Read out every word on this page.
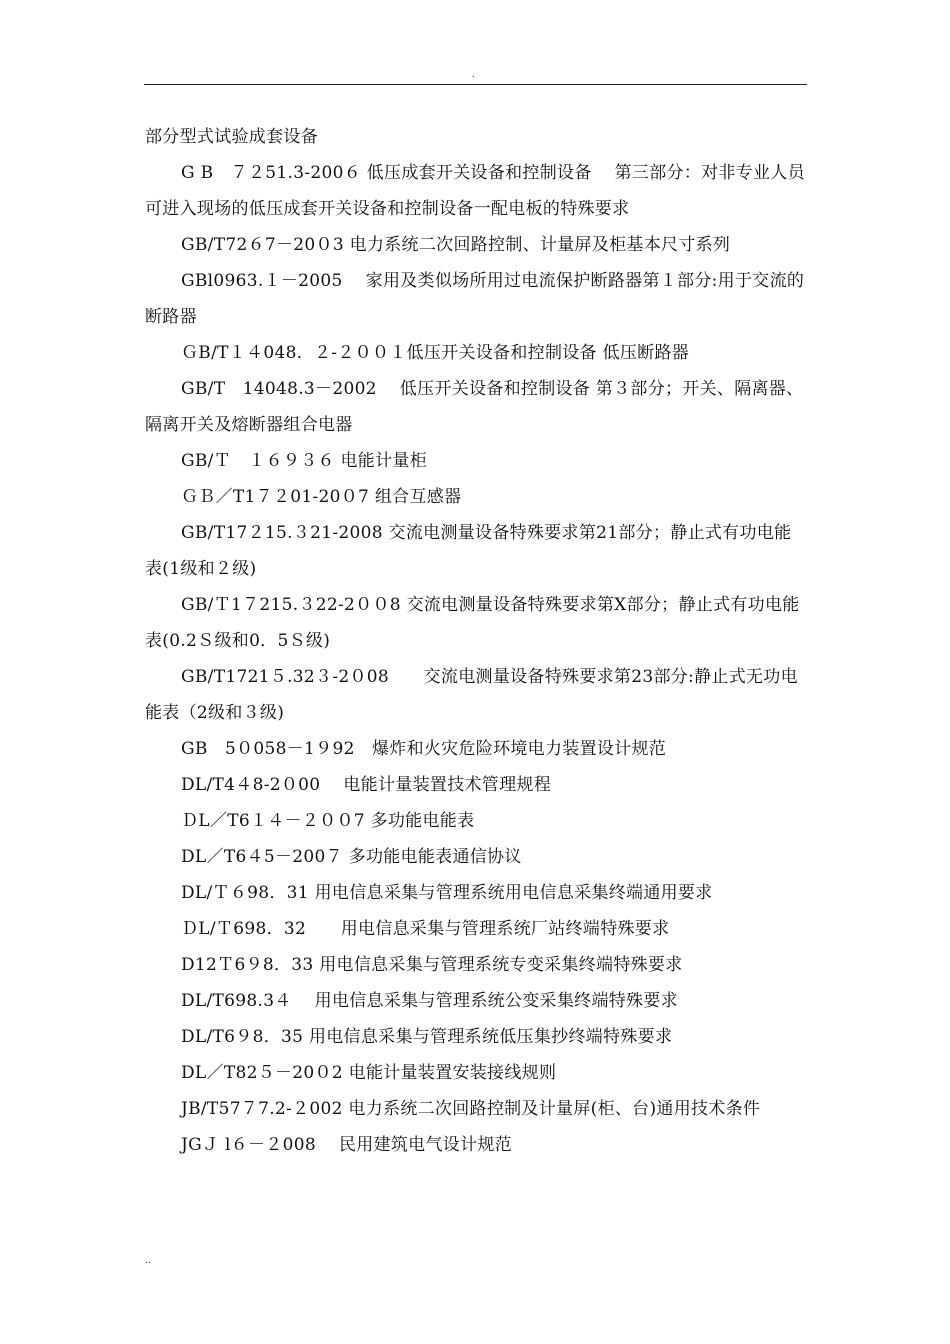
.

部分型式试验成套设备

G B　７２51.3-200６ 低压成套开关设备和控制设备　 第三部分：对非专业人员可进入现场的低压成套开关设备和控制设备一配电板的特殊要求

GB/T72６7－20０3 电力系统二次回路控制、计量屏及柜基本尺寸系列

GBl0963.１－2005　 家用及类似场所用过电流保护断路器第１部分:用于交流的断路器

ＧB/T１４048．２-２００１低压开关设备和控制设备 低压断路器

GB/T　14048.3－2002　 低压开关设备和控制设备 第３部分；开关、隔离器、隔离开关及熔断器组合电器

GB/Ｔ　１６９３６ 电能计量柜

ＧＢ／T1７２01-20０7 组合互感器

GB/T17２15.３21-2008 交流电测量设备特殊要求第21部分；静止式有功电能表(1级和２级)

GB/Ｔ1７215.３22-2００8 交流电测量设备特殊要求第X部分；静止式有功电能表(0.2Ｓ级和0．5Ｓ级)

GB/T1721５.32３-2０08　　交流电测量设备特殊要求第23部分:静止式无功电能表（2级和３级)

GB　5０058－1９92　爆炸和火灾危险环境电力装置设计规范

DL/T4４8-2０00　 电能计量装置技术管理规程

ＤL／T6１４－２００7 多功能电能表

DL／T6４5－200７ 多功能电能表通信协议

DL/Ｔ６98．31 用电信息采集与管理系统用电信息采集终端通用要求

ＤL/Ｔ698．32　　用电信息采集与管理系统厂站终端特殊要求

D12Ｔ6９8．33 用电信息采集与管理系统专变采集终端特殊要求

DL/T698.3４　 用电信息采集与管理系统公变采集终端特殊要求

DL/T6９8．35 用电信息采集与管理系统低压集抄终端特殊要求

DL／T82５－20０2 电能计量装置安装接线规则

JB/T57７7.2-２002 电力系统二次回路控制及计量屏(柜、台)通用技术条件

JGＪ l６－２008　 民用建筑电气设计规范

..
